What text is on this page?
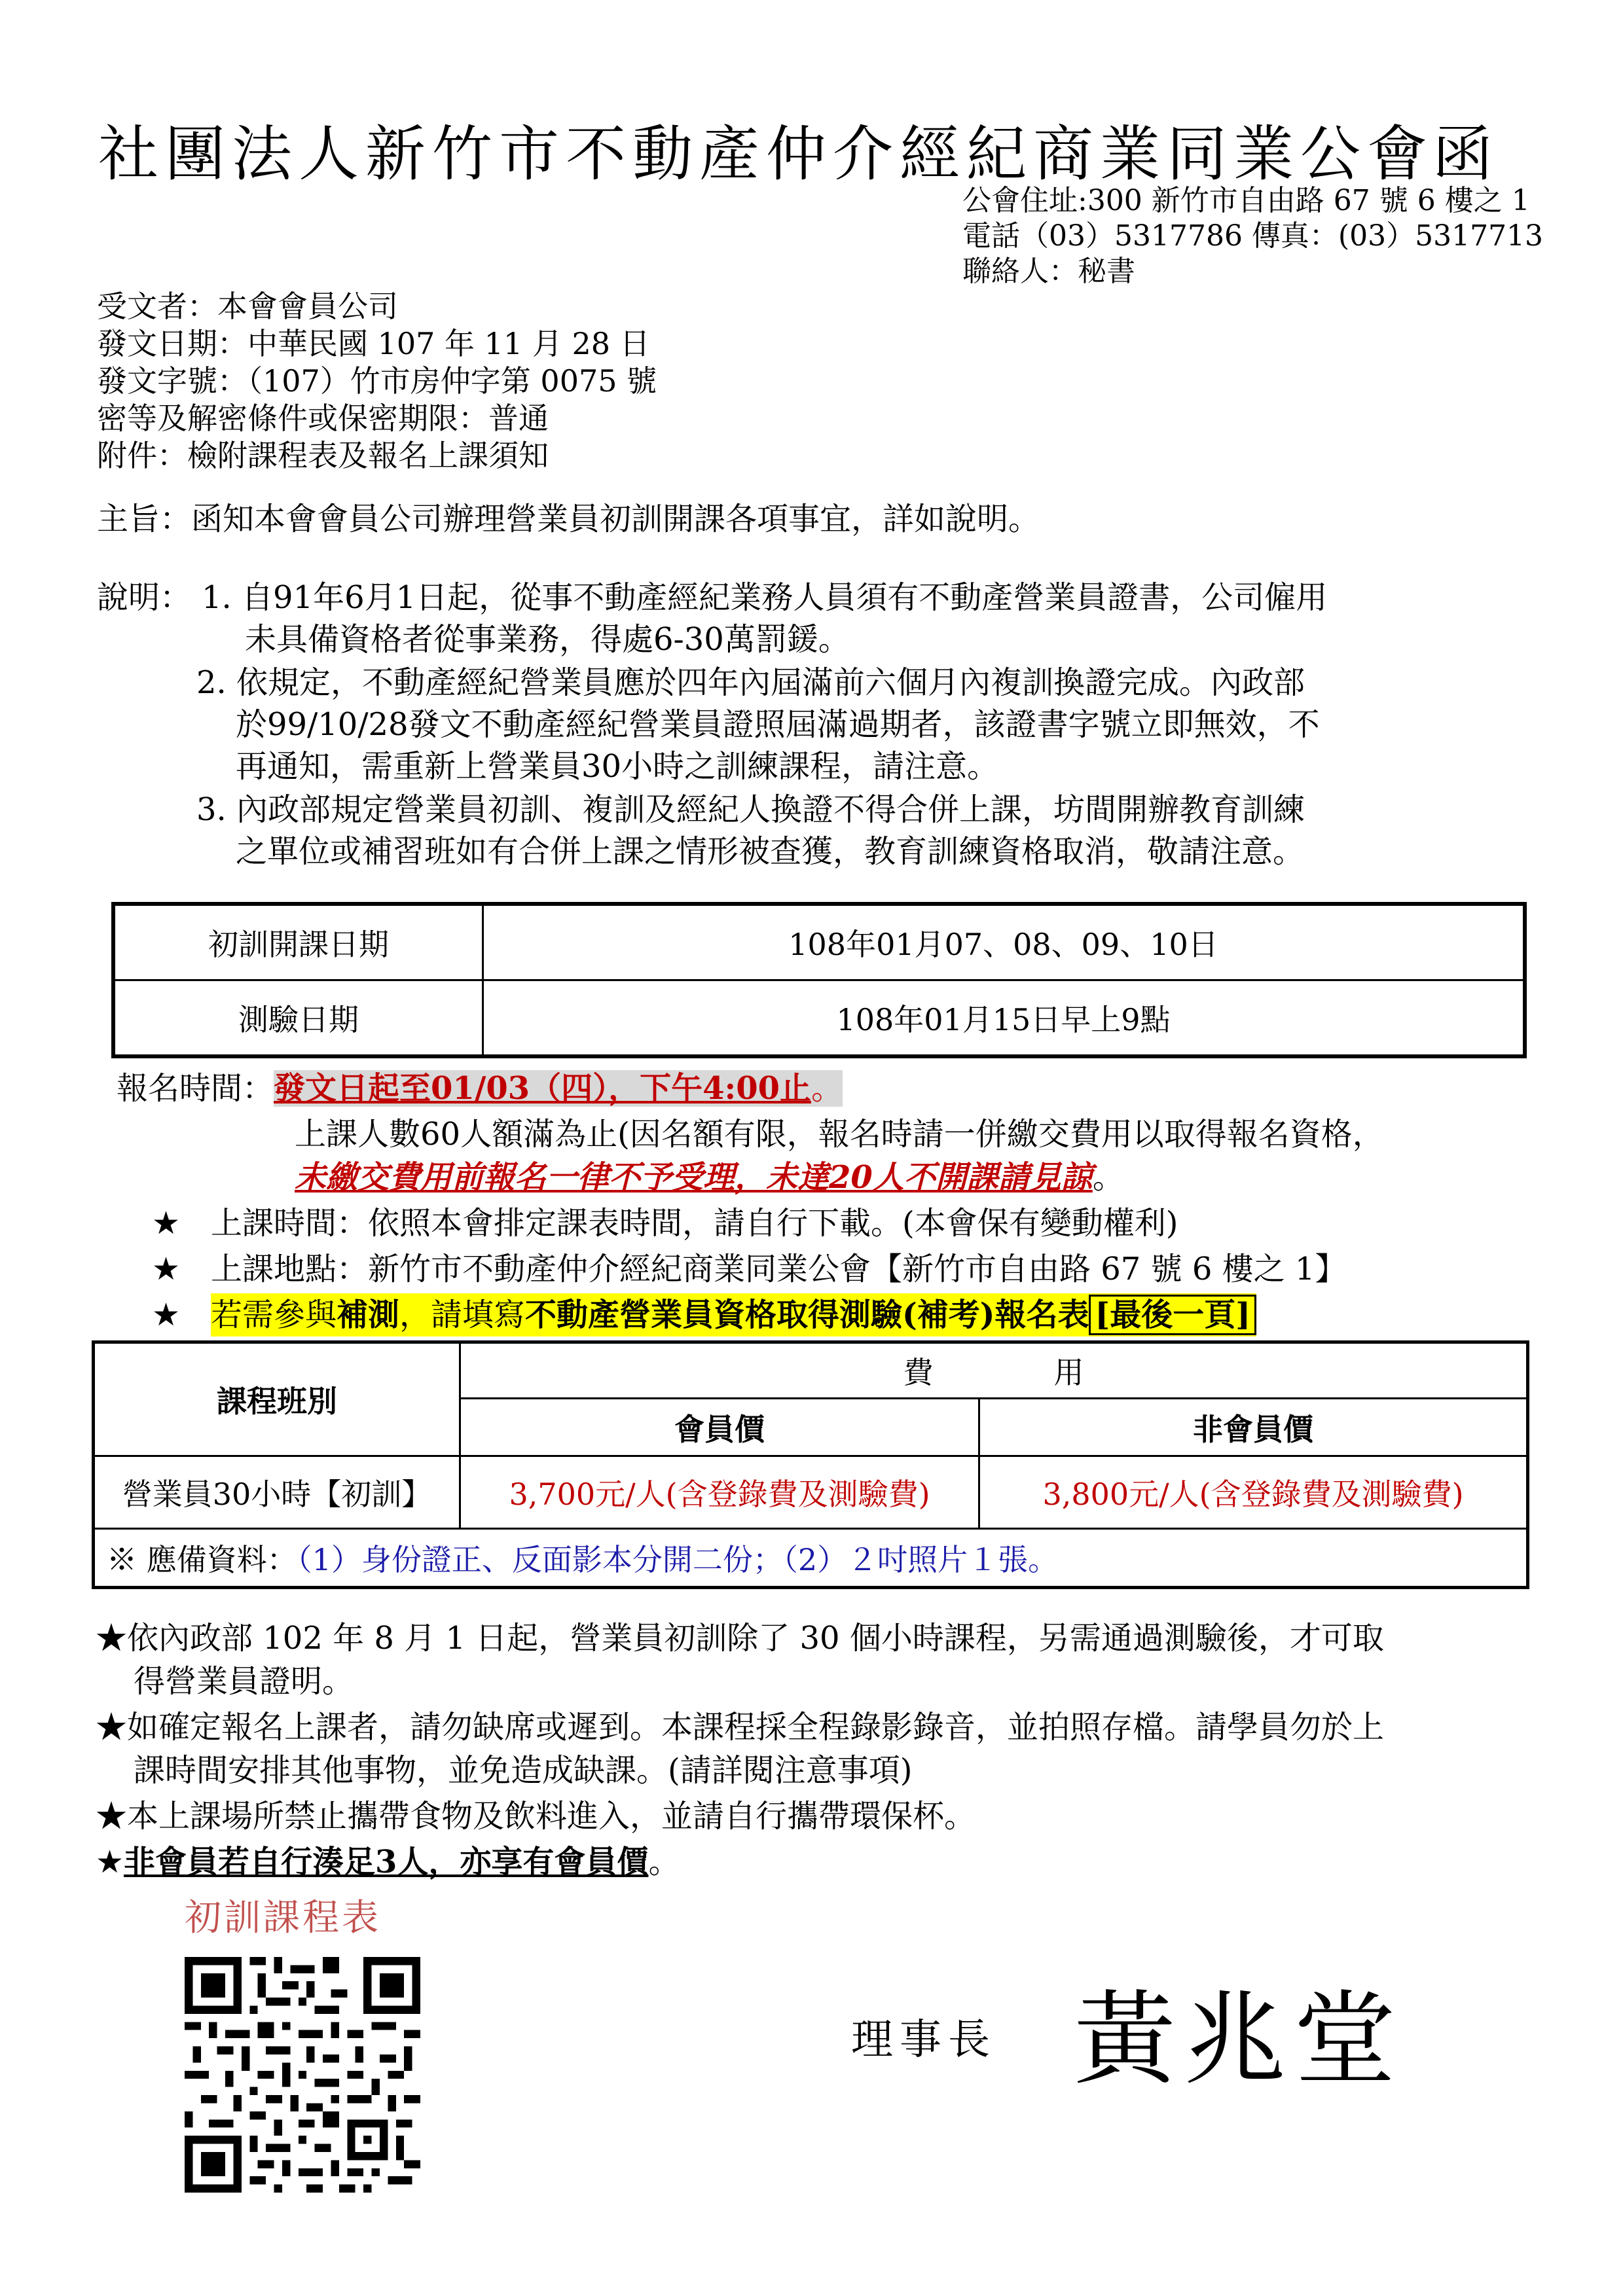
社團法人新竹市不動產仲介經紀商業同業公會
函
公會住址:300 新竹市自由路 67 號 6 樓之 1
電話（03）5317786 傳真：(03）5317713
聯絡人：秘書
受文者：本會會員公司
發文日期：中華民國 107 年 11 月 28 日
發文字號：（107）竹市房仲字第 0075 號
密等及解密條件或保密期限：普通
附件：檢附課程表及報名上課須知
主旨：函知本會會員公司辦理營業員初訓開課各項事宜，詳如說明。
說明： 1. 自91年6月1日起，從事不動產經紀業務人員須有不動產營業員證書，公司僱用
未具備資格者從事業務，得處6-30萬罰鍰。
2. 依規定，不動產經紀營業員應於四年內屆滿前六個月內複訓換證完成。內政部
於99/10/28發文不動產經紀營業員證照屆滿過期者，該證書字號立即無效，不
再通知，需重新上營業員30小時之訓練課程，請注意。
3. 內政部規定營業員初訓、複訓及經紀人換證不得合併上課，坊間開辦教育訓練
之單位或補習班如有合併上課之情形被查獲，教育訓練資格取消，敬請注意。
初訓開課日期	108年01月07、08、09、10日
測驗日期	108年01月15日早上9點
報名時間：發文日起至01/03（四），下午4:00止。
上課人數60人額滿為止(因名額有限，報名時請一併繳交費用以取得報名資格，
未繳交費用前報名一律不予受理，未達20人不開課請見諒。
★ 上課時間：依照本會排定課表時間，請自行下載。(本會保有變動權利)
★ 上課地點：新竹市不動產仲介經紀商業同業公會【新竹市自由路 67 號 6 樓之 1】
★ 若需參與補測，請填寫不動產營業員資格取得測驗(補考)報名表 [最後一頁]
課程班別	費　　　　用	
	會員價	非會員價
營業員30小時【初訓】	3,700元/人(含登錄費及測驗費)	3,800元/人(含登錄費及測驗費)
※ 應備資料：（1）身份證正、反面影本分開二份；（2）２吋照片１張。		
★依內政部 102 年 8 月 1 日起，營業員初訓除了 30 個小時課程，另需通過測驗後，才可取
得營業員證明。
★如確定報名上課者，請勿缺席或遲到。本課程採全程錄影錄音，並拍照存檔。請學員勿於上
課時間安排其他事物，並免造成缺課。(請詳閱注意事項)
★本上課場所禁止攜帶食物及飲料進入，並請自行攜帶環保杯。
★非會員若自行湊足3人，亦享有會員價。
初訓課程表
理事長 黃兆堂
